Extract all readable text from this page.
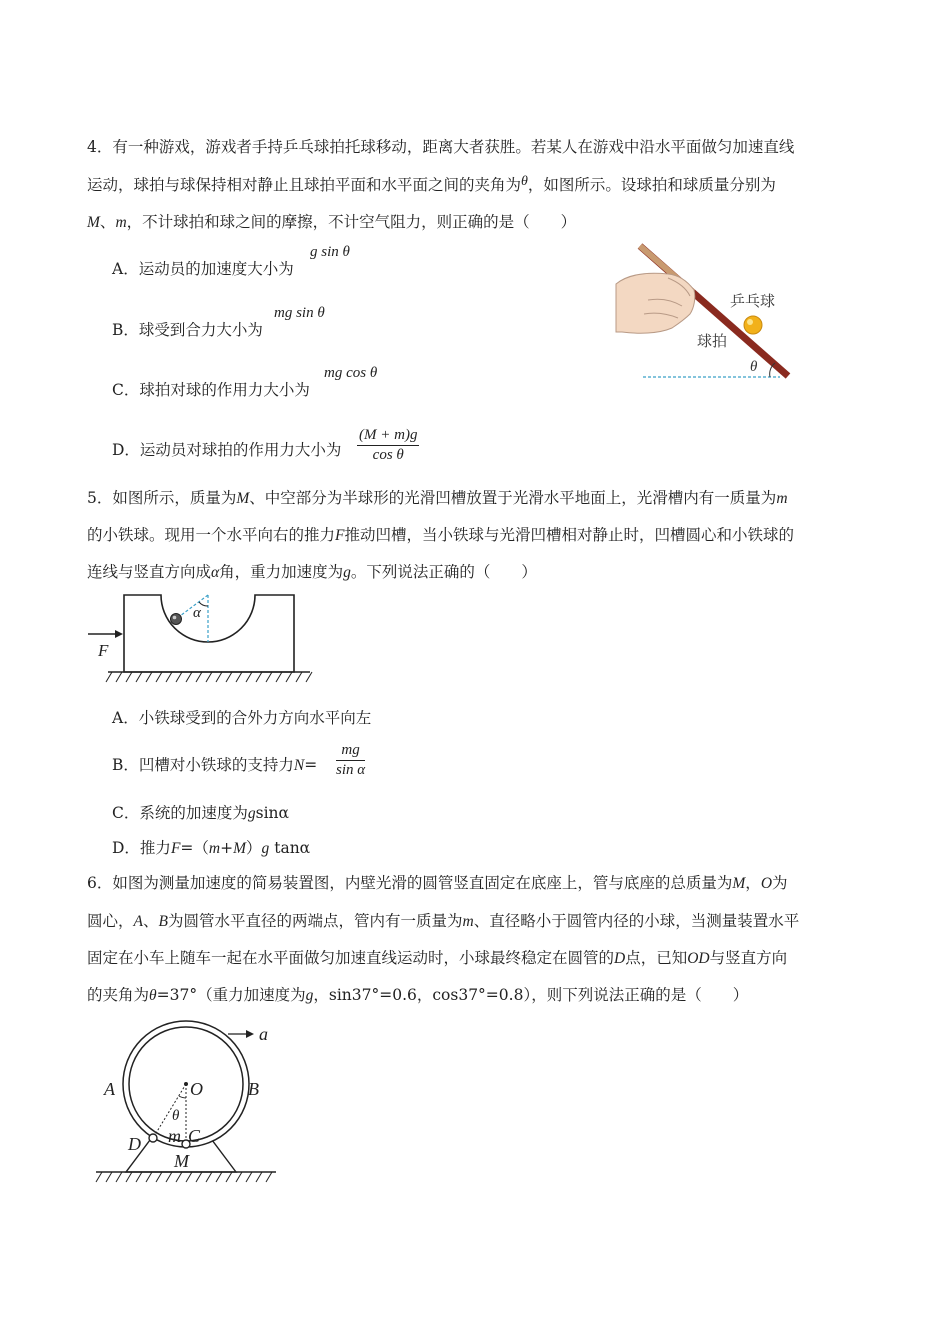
4．有一种游戏，游戏者手持乒乓球拍托球移动，距离大者获胜。若某人在游戏中沿水平面做匀加速直线
运动，球拍与球保持相对静止且球拍平面和水平面之间的夹角为θ，如图所示。设球拍和球质量分别为
M、m，不计球拍和球之间的摩擦，不计空气阻力，则正确的是（　　）
A．运动员的加速度大小为
g sin θ
B．球受到合力大小为
mg sin θ
C．球拍对球的作用力大小为
mg cos θ
D．运动员对球拍的作用力大小为 $\frac{(M + m)g}{\text{cos θ}}$
乒乓球
球拍
θ
5．如图所示，质量为M、中空部分为半球形的光滑凹槽放置于光滑水平地面上，光滑槽内有一质量为m
的小铁球。现用一个水平向右的推力F推动凹槽，当小铁球与光滑凹槽相对静止时，凹槽圆心和小铁球的
连线与竖直方向成α角，重力加速度为g。下列说法正确的（　　）
α
F
A．小铁球受到的合外力方向水平向左
B．凹槽对小铁球的支持力$N= \frac{mg}{\text{sin α}}$
C．系统的加速度为gsinα
D．推力F=（m+M）g tanα
6．如图为测量加速度的简易装置图，内壁光滑的圆管竖直固定在底座上，管与底座的总质量为M，O为
圆心，A、B为圆管水平直径的两端点，管内有一质量为m、直径略小于圆管内径的小球，当测量装置水平
固定在小车上随车一起在水平面做匀加速直线运动时，小球最终稳定在圆管的D点，已知OD与竖直方向
的夹角为θ=37°（重力加速度为g，sin37°=0.6，cos37°=0.8），则下列说法正确的是（　　）
a
A	B
O
θ
D m C
M
